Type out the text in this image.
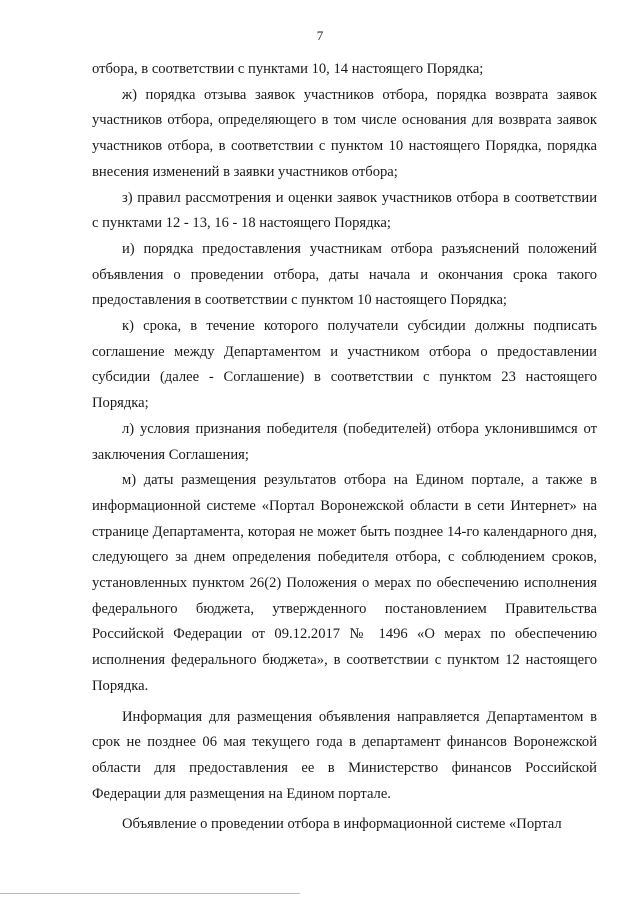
7

отбора, в соответствии с пунктами 10, 14 настоящего Порядка;

ж) порядка отзыва заявок участников отбора, порядка возврата заявок участников отбора, определяющего в том числе основания для возврата заявок участников отбора, в соответствии с пунктом 10 настоящего Порядка, порядка внесения изменений в заявки участников отбора;

з) правил рассмотрения и оценки заявок участников отбора в соответствии с пунктами 12 - 13, 16 - 18 настоящего Порядка;

и) порядка предоставления участникам отбора разъяснений положений объявления о проведении отбора, даты начала и окончания срока такого предоставления в соответствии с пунктом 10 настоящего Порядка;

к) срока, в течение которого получатели субсидии должны подписать соглашение между Департаментом и участником отбора о предоставлении субсидии (далее - Соглашение) в соответствии с пунктом 23 настоящего Порядка;

л) условия признания победителя (победителей) отбора уклонившимся от заключения Соглашения;

м) даты размещения результатов отбора на Едином портале, а также в информационной системе «Портал Воронежской области в сети Интернет» на странице Департамента, которая не может быть позднее 14-го календарного дня, следующего за днем определения победителя отбора, с соблюдением сроков, установленных пунктом 26(2) Положения о мерах по обеспечению исполнения федерального бюджета, утвержденного постановлением Правительства Российской Федерации от 09.12.2017 № 1496 «О мерах по обеспечению исполнения федерального бюджета», в соответствии с пунктом 12 настоящего Порядка.

Информация для размещения объявления направляется Департаментом в срок не позднее 06 мая текущего года в департамент финансов Воронежской области для предоставления ее в Министерство финансов Российской Федерации для размещения на Едином портале.

Объявление о проведении отбора в информационной системе «Портал
